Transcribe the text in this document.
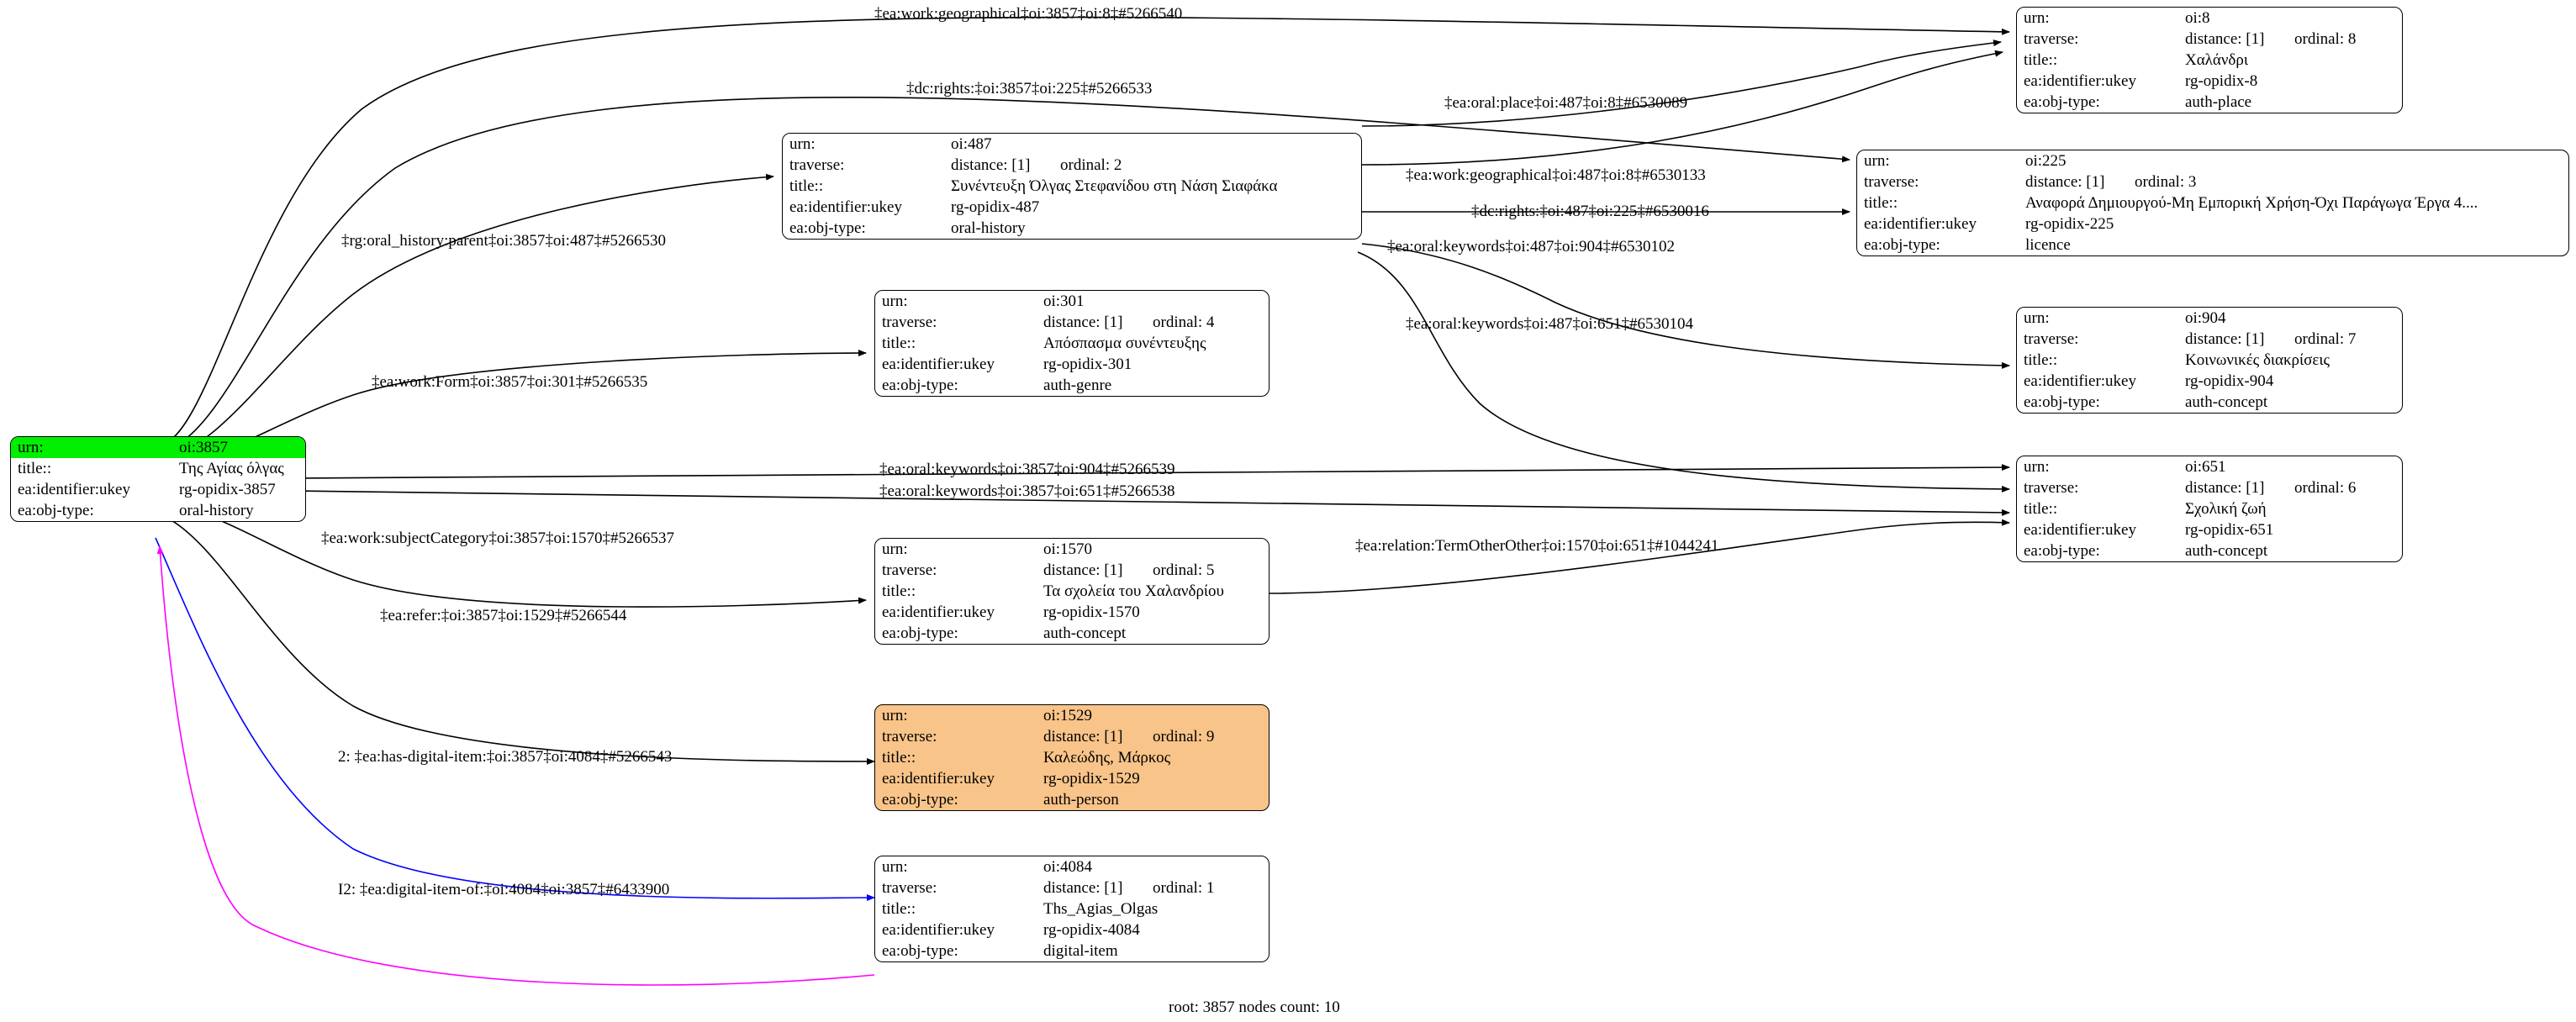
urn:	oi:3857
title::	Της Αγίας όλγας
ea:identifier:ukey	rg-opidix-3857
ea:obj-type:	oral-history
urn:	oi:8
traverse:	distance: [1] ordinal: 8

title::	Χαλάνδρι
ea:identifier:ukey	rg-opidix-8
ea:obj-type:	auth-place
urn:	oi:487
traverse:	distance: [1] ordinal: 2

title::	Συνέντευξη Όλγας Στεφανίδου στη Νάση Σιαφάκα
ea:identifier:ukey	rg-opidix-487
ea:obj-type:	oral-history
urn:	oi:225
traverse:	distance: [1] ordinal: 3

title::	Αναφορά Δημιουργού-Μη Εμπορική Χρήση-Όχι Παράγωγα Έργα 4....
ea:identifier:ukey	rg-opidix-225
ea:obj-type:	licence
urn:	oi:301
traverse:	distance: [1] ordinal: 4

title::	Απόσπασμα συνέντευξης
ea:identifier:ukey	rg-opidix-301
ea:obj-type:	auth-genre
urn:	oi:904
traverse:	distance: [1] ordinal: 7

title::	Κοινωνικές διακρίσεις
ea:identifier:ukey	rg-opidix-904
ea:obj-type:	auth-concept
urn:	oi:651
traverse:	distance: [1] ordinal: 6

title::	Σχολική ζωή
ea:identifier:ukey	rg-opidix-651
ea:obj-type:	auth-concept
urn:	oi:1570
traverse:	distance: [1] ordinal: 5

title::	Τα σχολεία του Χαλανδρίου
ea:identifier:ukey	rg-opidix-1570
ea:obj-type:	auth-concept
urn:	oi:1529
traverse:	distance: [1] ordinal: 9

title::	Καλεώδης, Μάρκος
ea:identifier:ukey	rg-opidix-1529
ea:obj-type:	auth-person
urn:	oi:4084
traverse:	distance: [1] ordinal: 1

title::	Ths_Agias_Olgas
ea:identifier:ukey	rg-opidix-4084
ea:obj-type:	digital-item
‡ea:work:geographical‡oi:3857‡oi:8‡#5266540
‡dc:rights:‡oi:3857‡oi:225‡#5266533
‡ea:oral:place‡oi:487‡oi:8‡#6530089
‡ea:work:geographical‡oi:487‡oi:8‡#6530133
‡rg:oral_history:parent‡oi:3857‡oi:487‡#5266530
‡dc:rights:‡oi:487‡oi:225‡#6530016
‡ea:oral:keywords‡oi:487‡oi:904‡#6530102
‡ea:work:Form‡oi:3857‡oi:301‡#5266535
‡ea:oral:keywords‡oi:487‡oi:651‡#6530104
‡ea:oral:keywords‡oi:3857‡oi:904‡#5266539
‡ea:oral:keywords‡oi:3857‡oi:651‡#5266538
‡ea:work:subjectCategory‡oi:3857‡oi:1570‡#5266537	‡ea:relation:TermOtherOther‡oi:1570‡oi:651‡#1044241
‡ea:refer:‡oi:3857‡oi:1529‡#5266544
2: ‡ea:has-digital-item:‡oi:3857‡oi:4084‡#5266543
I2: ‡ea:digital-item-of:‡oi:4084‡oi:3857‡#6433900
root: 3857 nodes count: 10
